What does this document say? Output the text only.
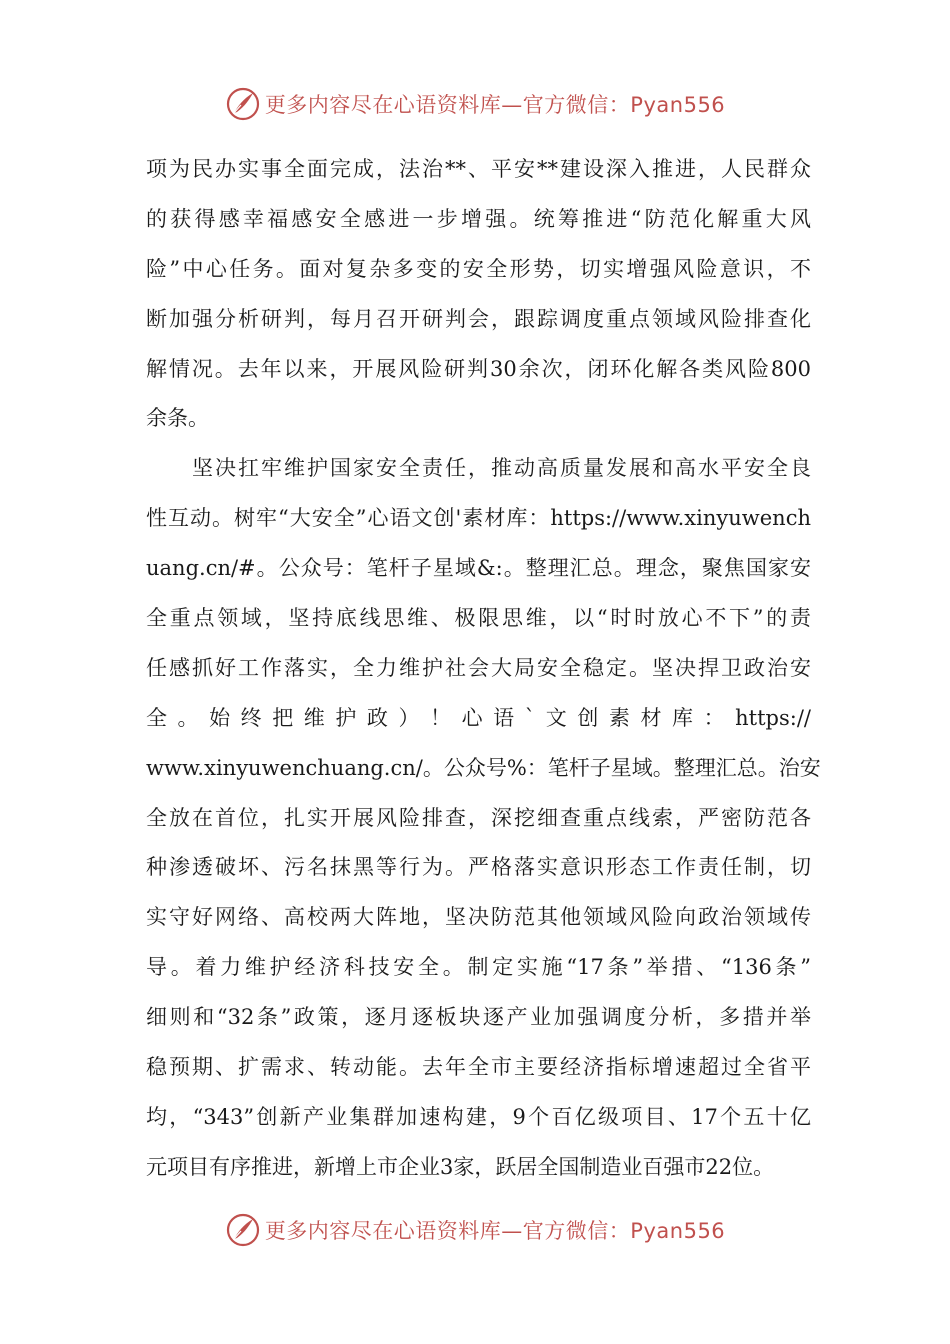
更多内容尽在心语资料库—官方微信：Pyan556
项为民办实事全面完成，法治**、平安**建设深入推进，人民群众
的获得感幸福感安全感进一步增强。统筹推进“防范化解重大风
险”中心任务。面对复杂多变的安全形势，切实增强风险意识，不
断加强分析研判，每月召开研判会，跟踪调度重点领域风险排查化
解情况。去年以来，开展风险研判30余次，闭环化解各类风险800
余条。
　　坚决扛牢维护国家安全责任，推动高质量发展和高水平安全良
性互动。树牢“大安全”心语文创'素材库：https://www.xinyuwench
uang.cn/#。公众号：笔杆子星域&:。整理汇总。理念，聚焦国家安
全重点领域，坚持底线思维、极限思维，以“时时放心不下”的责
任感抓好工作落实，全力维护社会大局安全稳定。坚决捍卫政治安
全。始终把维护政）！心语`文创素材库：https://
www.xinyuwenchuang.cn/。公众号%：笔杆子星域。整理汇总。治安
全放在首位，扎实开展风险排查，深挖细查重点线索，严密防范各
种渗透破坏、污名抹黑等行为。严格落实意识形态工作责任制，切
实守好网络、高校两大阵地，坚决防范其他领域风险向政治领域传
导。着力维护经济科技安全。制定实施“17条”举措、“136条”
细则和“32条”政策，逐月逐板块逐产业加强调度分析，多措并举
稳预期、扩需求、转动能。去年全市主要经济指标增速超过全省平
均，“343”创新产业集群加速构建，9个百亿级项目、17个五十亿
元项目有序推进，新增上市企业3家，跃居全国制造业百强市22位。
更多内容尽在心语资料库—官方微信：Pyan556
